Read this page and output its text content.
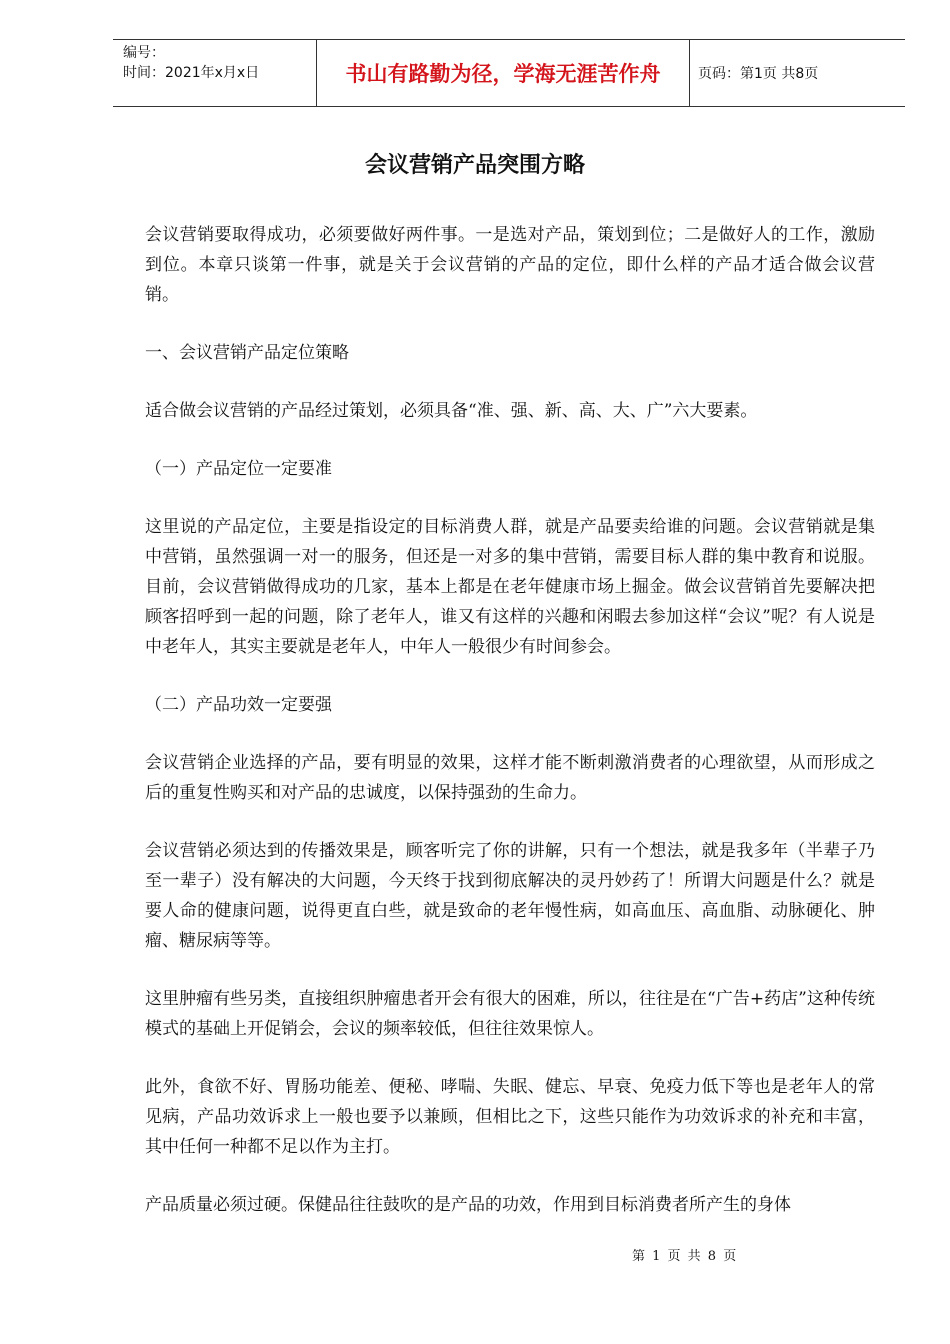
编号：
时间：2021年x月x日	书山有路勤为径，学海无涯苦作舟	页码：第1页 共8页
会议营销产品突围方略

会议营销要取得成功，必须要做好两件事。一是选对产品，策划到位；二是做好人的工作，激励到位。本章只谈第一件事，就是关于会议营销的产品的定位，即什么样的产品才适合做会议营销。

一、会议营销产品定位策略

适合做会议营销的产品经过策划，必须具备“准、强、新、高、大、广”六大要素。

（一）产品定位一定要准

这里说的产品定位，主要是指设定的目标消费人群，就是产品要卖给谁的问题。会议营销就是集中营销，虽然强调一对一的服务，但还是一对多的集中营销，需要目标人群的集中教育和说服。目前，会议营销做得成功的几家，基本上都是在老年健康市场上掘金。做会议营销首先要解决把顾客招呼到一起的问题，除了老年人，谁又有这样的兴趣和闲暇去参加这样“会议”呢？有人说是中老年人，其实主要就是老年人，中年人一般很少有时间参会。

（二）产品功效一定要强

会议营销企业选择的产品，要有明显的效果，这样才能不断刺激消费者的心理欲望，从而形成之后的重复性购买和对产品的忠诚度，以保持强劲的生命力。

会议营销必须达到的传播效果是，顾客听完了你的讲解，只有一个想法，就是我多年（半辈子乃至一辈子）没有解决的大问题，今天终于找到彻底解决的灵丹妙药了！所谓大问题是什么？就是要人命的健康问题，说得更直白些，就是致命的老年慢性病，如高血压、高血脂、动脉硬化、肿瘤、糖尿病等等。

这里肿瘤有些另类，直接组织肿瘤患者开会有很大的困难，所以，往往是在“广告+药店”这种传统模式的基础上开促销会，会议的频率较低，但往往效果惊人。

此外，食欲不好、胃肠功能差、便秘、哮喘、失眠、健忘、早衰、免疫力低下等也是老年人的常见病，产品功效诉求上一般也要予以兼顾，但相比之下，这些只能作为功效诉求的补充和丰富，其中任何一种都不足以作为主打。

产品质量必须过硬。保健品往往鼓吹的是产品的功效，作用到目标消费者所产生的身体

第 1 页 共 8 页
